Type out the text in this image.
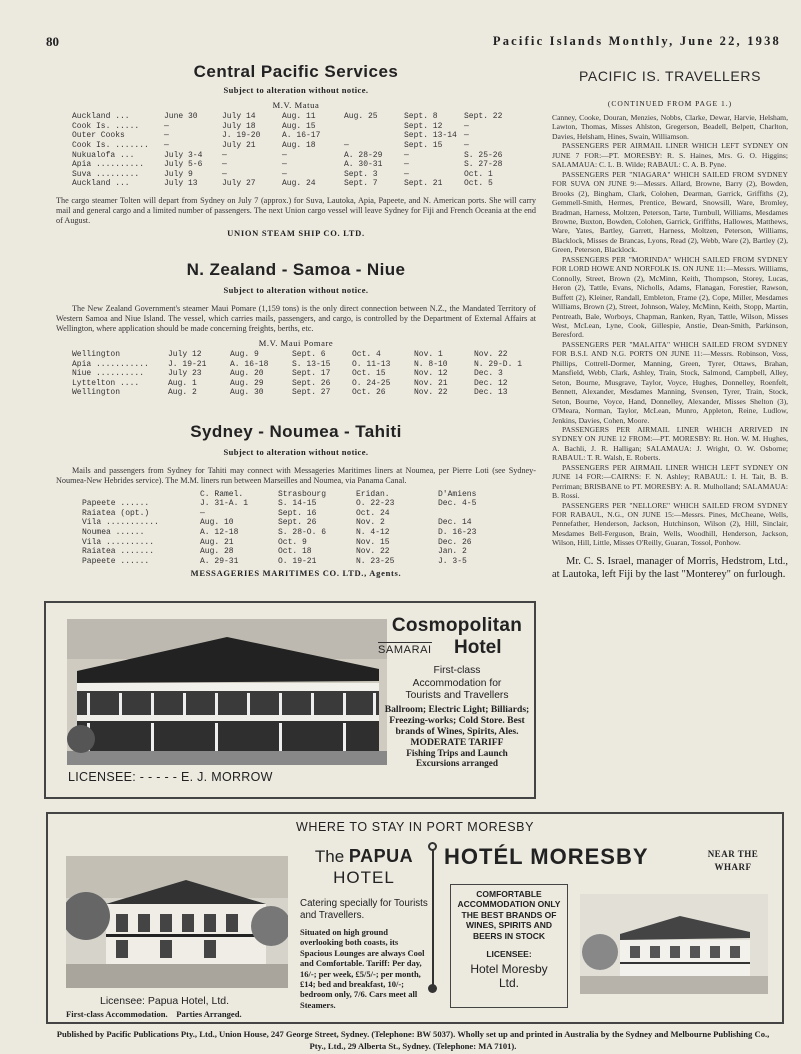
80	Pacific Islands Monthly, June 22, 1938
Central Pacific Services
Subject to alteration without notice.
M.V. Matua
Auckland ...	June 30	July 14	Aug. 11	Aug. 25	Sept. 8	Sept. 22
Cook Is. .....	—	July 18	Aug. 15		Sept. 12	—
Outer Cooks	—	J. 19-20	A. 16-17		Sept. 13-14	—
Cook Is. .......	—	July 21	Aug. 18	—	Sept. 15	—
Nukualofa ...	July 3-4	—	—	A. 28-29	—	S. 25-26
Apia ..........	July 5-6	—	—	A. 30-31	—	S. 27-28
Suva .........	July 9	—	—	Sept. 3	—	Oct. 1
Auckland ...	July 13	July 27	Aug. 24	Sept. 7	Sept. 21	Oct. 5
The cargo steamer Tolten will depart from Sydney on July 7 (approx.) for Suva, Lautoka, Apia, Papeete, and N. American ports. She will carry mail and general cargo and a limited number of passengers. The next Union cargo vessel will leave Sydney for Fiji and French Oceania at the end of August.
UNION STEAM SHIP CO. LTD.
N. Zealand - Samoa - Niue
Subject to alteration without notice.
The New Zealand Government's steamer Maui Pomare (1,159 tons) is the only direct connection between N.Z., the Mandated Territory of Western Samoa and Niue Island. The vessel, which carries mails, passengers, and cargo, is controlled by the Department of External Affairs at Wellington, where application should be made concerning freights, berths, etc.
M.V. Maui Pomare
Wellington	July 12	Aug. 9	Sept. 6	Oct. 4	Nov. 1	Nov. 22
Apia ...........	J. 19-21	A. 16-18	S. 13-15	O. 11-13	N. 8-10	N. 29-D. 1
Niue ..........	July 23	Aug. 20	Sept. 17	Oct. 15	Nov. 12	Dec. 3
Lyttelton ....	Aug. 1	Aug. 29	Sept. 26	O. 24-25	Nov. 21	Dec. 12
Wellington	Aug. 2	Aug. 30	Sept. 27	Oct. 26	Nov. 22	Dec. 13
Sydney - Noumea - Tahiti
Subject to alteration without notice.
Mails and passengers from Sydney for Tahiti may connect with Messageries Maritimes liners at Noumea, per Pierre Loti (see Sydney-Noumea-New Hebrides service). The M.M. liners run between Marseilles and Noumea, via Panama Canal.
	C. Ramel.	Strasbourg	Eridan.	D'Amiens
Papeete ......	J. 31-A. 1	S. 14-15	O. 22-23	Dec. 4-5
Raiatea (opt.)	—	Sept. 16	Oct. 24	
Vila ...........	Aug. 10	Sept. 26	Nov. 2	Dec. 14
Noumea ......	A. 12-18	S. 28-O. 6	N. 4-12	D. 16-23
Vila ..........	Aug. 21	Oct. 9	Nov. 15	Dec. 26
Raiatea .......	Aug. 28	Oct. 18	Nov. 22	Jan. 2
Papeete ......	A. 29-31	O. 19-21	N. 23-25	J. 3-5
MESSAGERIES MARITIMES CO. LTD., Agents.
LICENSEE: - - - - - E. J. MORROW
Cosmopolitan
SAMARAI Hotel
First-class Accommodation for Tourists and Travellers
Ballroom; Electric Light; Billiards; Freezing-works; Cold Store. Best brands of Wines, Spirits, Ales.
MODERATE TARIFF
Fishing Trips and Launch Excursions arranged
PACIFIC IS. TRAVELLERS
(CONTINUED FROM PAGE 1.)

Canney, Cooke, Douran, Menzies, Nobbs, Clarke, Dewar, Harvie, Helsham, Lawton, Thomas, Misses Ahlston, Gregerson, Beadell, Belpett, Charlton, Davies, Helsham, Hines, Swain, Williamson.

PASSENGERS PER AIRMAIL LINER WHICH LEFT SYDNEY ON JUNE 7 FOR:—PT. MORESBY: R. S. Haines, Mrs. G. O. Higgins; SALAMAUA: C. L. B. Wilde; RABAUL: C. A. B. Pyne.

PASSENGERS PER "NIAGARA" WHICH SAILED FROM SYDNEY FOR SUVA ON JUNE 9:—Messrs. Allard, Browne, Barry (2), Bowden, Brooks (2), Bingham, Clark, Colohen, Dearman, Garrick, Griffiths (2), Gemmell-Smith, Hermes, Prentice, Beward, Snowsill, Ware, Bromley, Bradman, Harness, Moltzen, Peterson, Tarte, Turnbull, Williams, Mesdames Browne, Buxton, Bowden, Colohen, Garrick, Griffiths, Hallowes, Matthews, Ware, Yates, Bartley, Garrett, Harness, Moltzen, Peterson, Williams, Blacklock, Misses de Brancas, Lyons, Read (2), Webb, Ware (2), Bartley (2), Green, Peterson, Blacklock.

PASSENGERS PER "MORINDA" WHICH SAILED FROM SYDNEY FOR LORD HOWE AND NORFOLK IS. ON JUNE 11:—Messrs. Williams, Connolly, Street, Brown (2), McMinn, Keith, Thompson, Storey, Lucas, Heron (2), Tattle, Evans, Nicholls, Adams, Flanagan, Forestier, Rawson, Buffett (2), Kleiner, Randall, Embleton, Frame (2), Cope, Miller, Mesdames Williams, Brown (2), Street, Johnson, Waley, McMinn, Keith, Stopp, Martin, Pentreath, Bale, Worboys, Chapman, Ranken, Ryan, Tattle, Wilson, Misses West, McLean, Lyne, Cook, Gillespie, Anstie, Dean-Smith, Parkinson, Beresford.

PASSENGERS PER "MALAITA" WHICH SAILED FROM SYDNEY FOR B.S.I. AND N.G. PORTS ON JUNE 11:—Messrs. Robinson, Voss, Phillips, Cottrell-Dormer, Manning, Green, Tyrer, Ottaws, Brahan, Mansfield, Webb, Clark, Ashley, Train, Stock, Salmond, Campbell, Alley, Seton, Bourne, Musgrave, Taylor, Voyce, Hughes, Donnelley, Roenfelt, Bennett, Alexander, Mesdames Manning, Svensen, Tyrer, Train, Stock, Seton, Bourne, Voyce, Hand, Donnelley, Alexander, Misses Shelton (3), O'Meara, Norman, Taylor, McLean, Munro, Appleton, Reine, Ludlow, Jenkins, Davies, Cohen, Moore.

PASSENGERS PER AIRMAIL LINER WHICH ARRIVED IN SYDNEY ON JUNE 12 FROM:—PT. MORESBY: Rt. Hon. W. M. Hughes, A. Bachli, J. R. Halligan; SALAMAUA: J. Wright, O. W. Osborne; RABAUL: T. R. Walsh, E. Roberts.

PASSENGERS PER AIRMAIL LINER WHICH LEFT SYDNEY ON JUNE 14 FOR:—CAIRNS: F. N. Ashley; RABAUL: I. H. Tait, B. B. Perriman; BRISBANE to PT. MORESBY: A. R. Mulholland; SALAMAUA: B. Rossi.

PASSENGERS PER "NELLORE" WHICH SAILED FROM SYDNEY FOR RABAUL, N.G., ON JUNE 15:—Messrs. Pines, McCheane, Wells, Pennefather, Henderson, Jackson, Hutchinson, Wilson (2), Hill, Sinclair, Mesdames Bell-Ferguson, Brain, Wells, Woodhill, Henderson, Jackson, Wilson, Hill, Little, Misses O'Reilly, Guaran, Tossol, Ponhow.

Mr. C. S. Israel, manager of Morris, Hedstrom, Ltd., at Lautoka, left Fiji by the last "Monterey" on furlough.
WHERE TO STAY IN PORT MORESBY
Licensee: Papua Hotel, Ltd.
First-class Accommodation.    Parties Arranged.
The PAPUA
HOTEL
Catering specially for Tourists and Travellers.
Situated on high ground overlooking both coasts, its Spacious Lounges are always Cool and Comfortable. Tariff: Per day, 16/-; per week, £5/5/-; per month, £14; bed and breakfast, 10/-; bedroom only, 7/6. Cars meet all Steamers.
HOTÉL MORESBY	NEAR THE WHARF
COMFORTABLE ACCOMMODATION ONLY THE BEST BRANDS OF WINES, SPIRITS AND BEERS IN STOCK
LICENSEE:
Hotel Moresby Ltd.
Published by Pacific Publications Pty., Ltd., Union House, 247 George Street, Sydney. (Telephone: BW 5037). Wholly set up and printed in Australia by the Sydney and Melbourne Publishing Co., Pty., Ltd., 29 Alberta St., Sydney. (Telephone: MA 7101).
